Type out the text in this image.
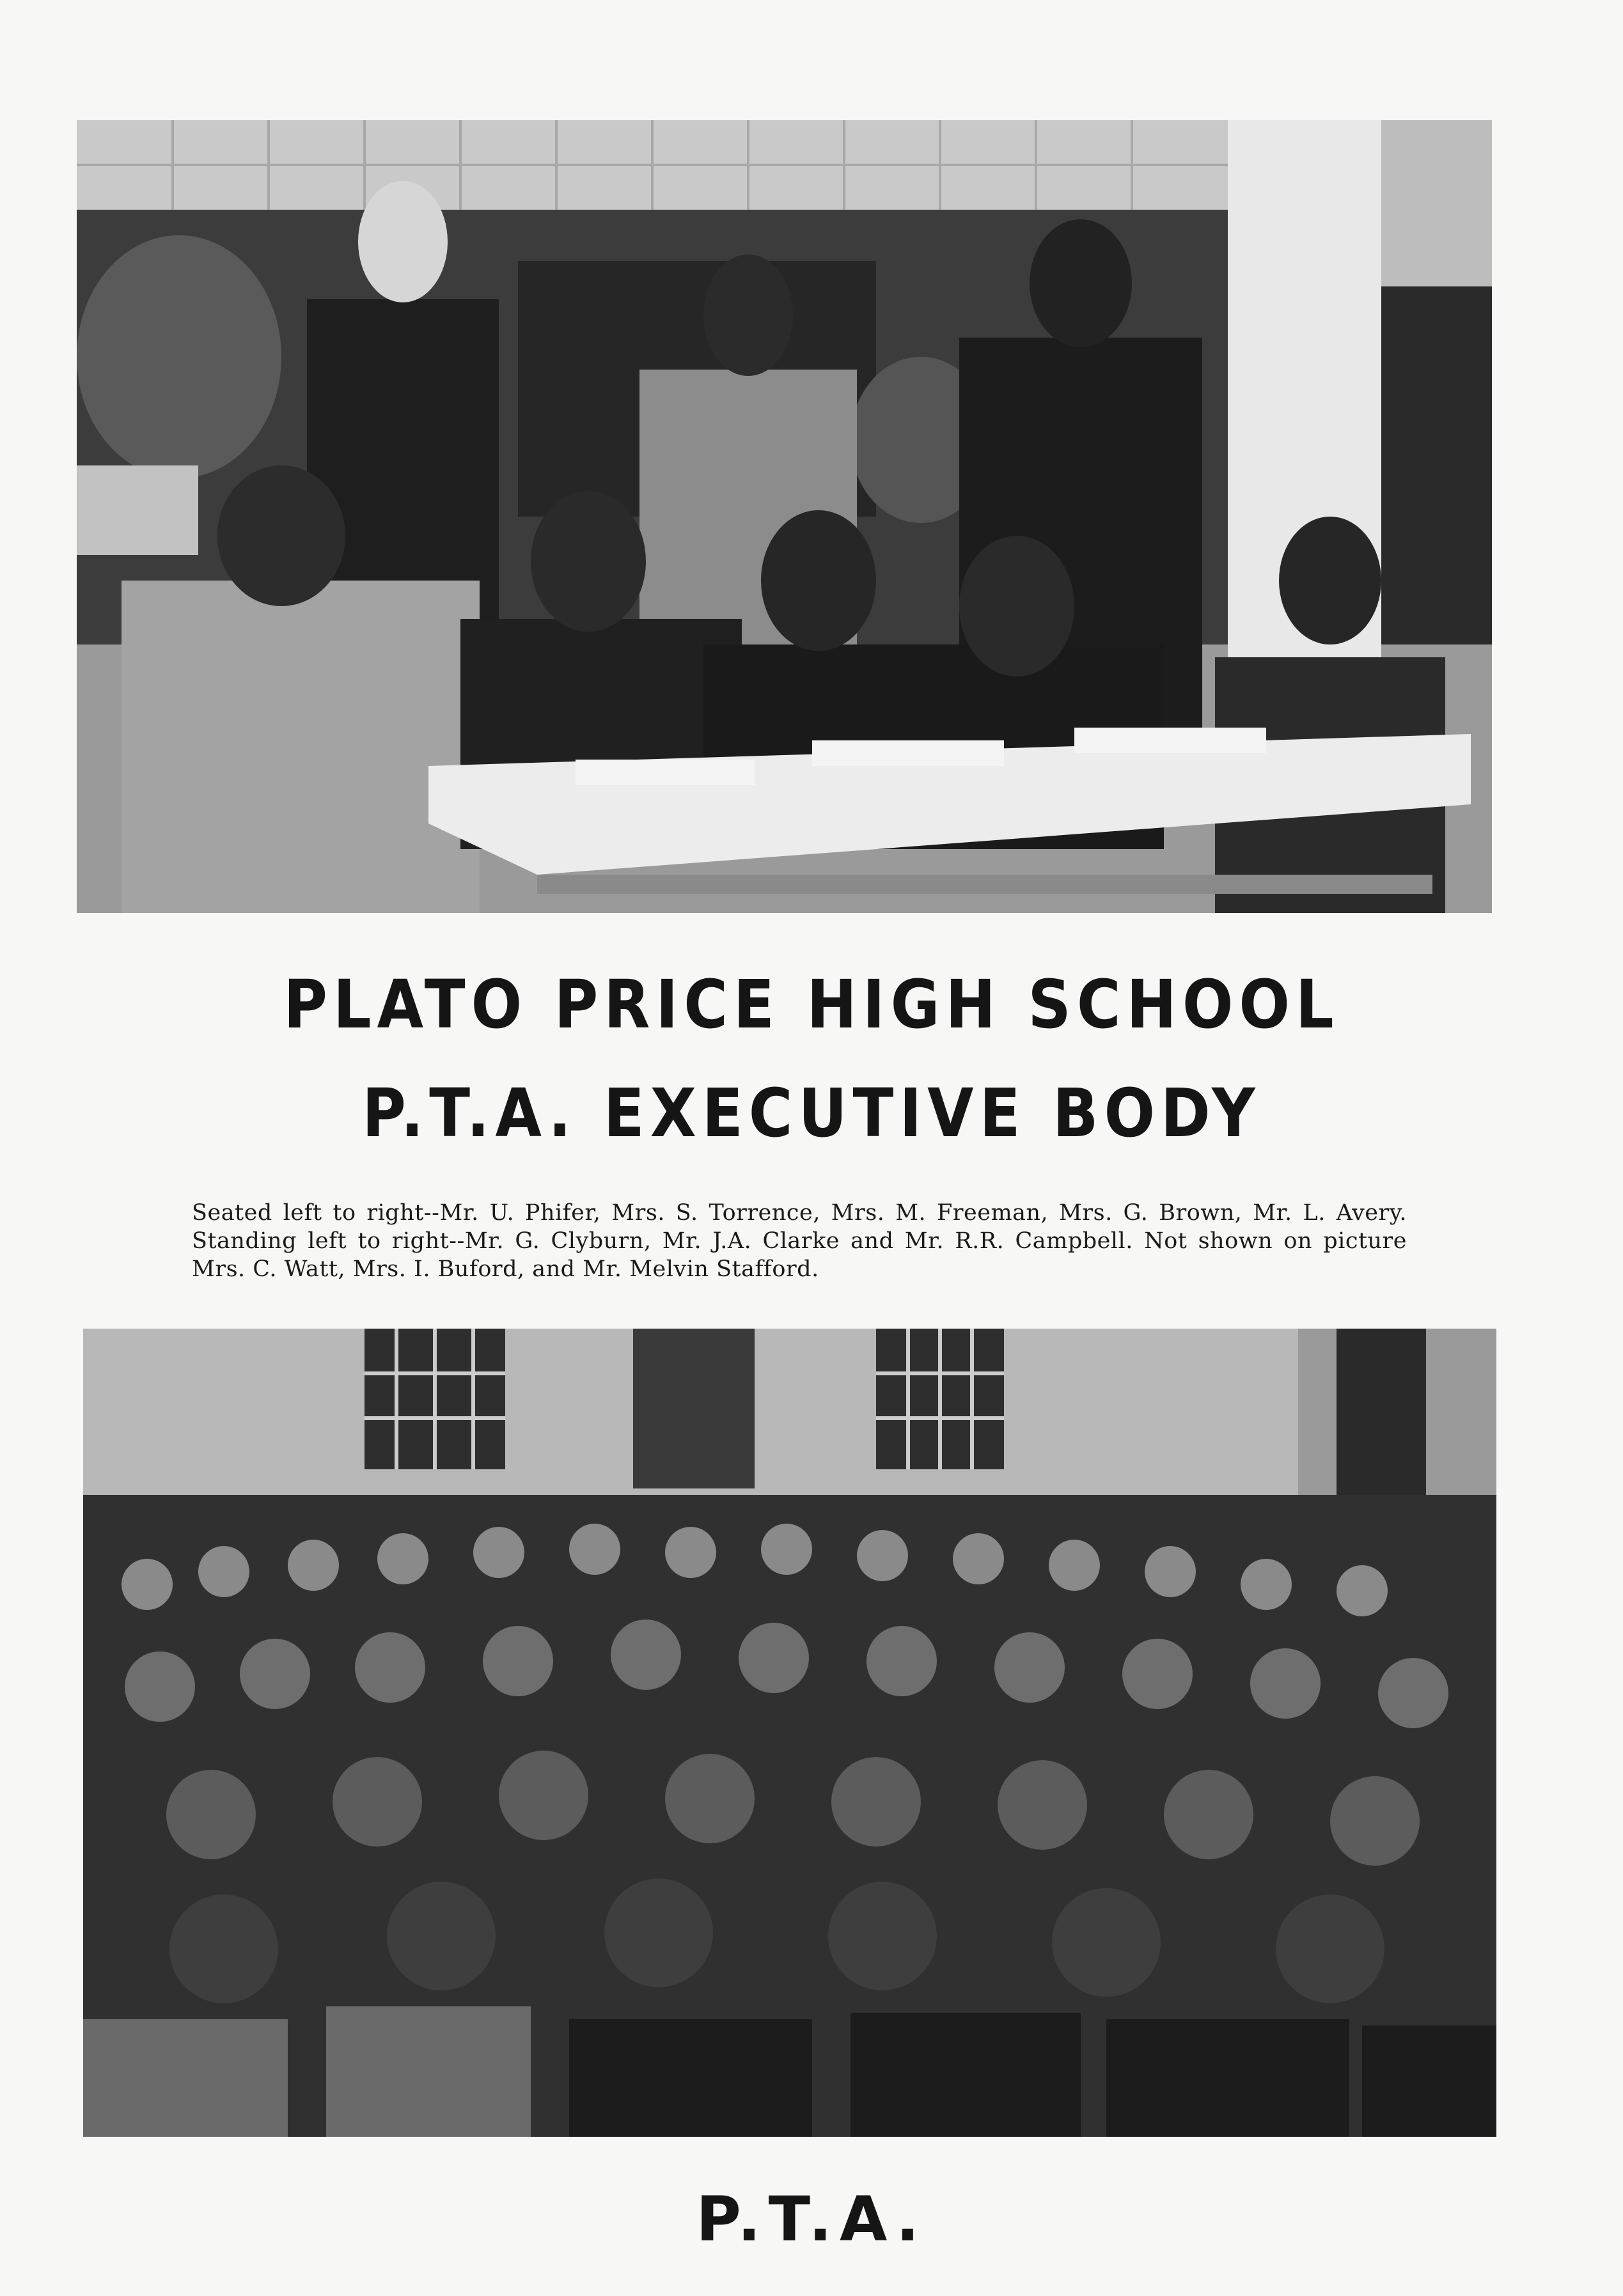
PLATO PRICE HIGH SCHOOL
P.T.A. EXECUTIVE BODY
Seated left to right--Mr. U. Phifer, Mrs. S. Torrence, Mrs. M. Freeman, Mrs. G. Brown, Mr. L. Avery. Standing left to right--Mr. G. Clyburn, Mr. J.A. Clarke and Mr. R.R. Campbell. Not shown on picture Mrs. C. Watt, Mrs. I. Buford, and Mr. Melvin Stafford.
P.T.A.
